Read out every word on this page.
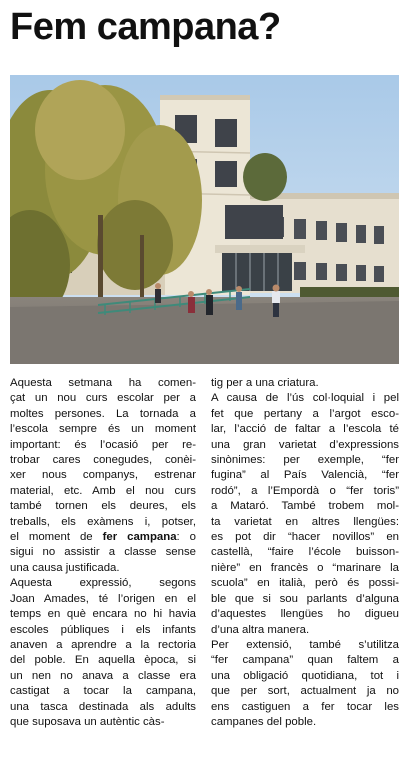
Fem campana?
Aquesta setmana ha comen-
çat un nou curs escolar per a
moltes persones. La tornada a
l’escola sempre és un moment
important: és l’ocasió per re-
trobar cares conegudes, conèi-
xer nous companys, estrenar
material, etc. Amb el nou curs
també tornen els deures, els
treballs, els exàmens i, potser,
el moment de fer campana: o
sigui no assistir a classe sense
una causa justificada.
Aquesta expressió, segons
Joan Amades, té l’origen en el
temps en què encara no hi havia
escoles públiques i els infants
anaven a aprendre a la rectoria
del poble. En aquella època, si
un nen no anava a classe era
castigat a tocar la campana,
una tasca destinada als adults
que suposava un autèntic càs-
tig per a una criatura.
A causa de l’ús col·loquial i pel
fet que pertany a l’argot esco-
lar, l’acció de faltar a l’escola té
una gran varietat d’expressions
sinònimes: per exemple, “fer
fugina” al País Valencià, “fer
rodó”, a l’Empordà o “fer toris”
a Mataró. També trobem mol-
ta varietat en altres llengües:
es pot dir “hacer novillos” en
castellà, “faire l’école buisson-
nière” en francès o “marinare la
scuola” en italià, però és possi-
ble que si sou parlants d’alguna
d’aquestes llengües ho digueu
d’una altra manera.
Per extensió, també s’utilitza
“fer campana” quan faltem a
una obligació quotidiana, tot i
que per sort, actualment ja no
ens castiguen a fer tocar les
campanes del poble.
